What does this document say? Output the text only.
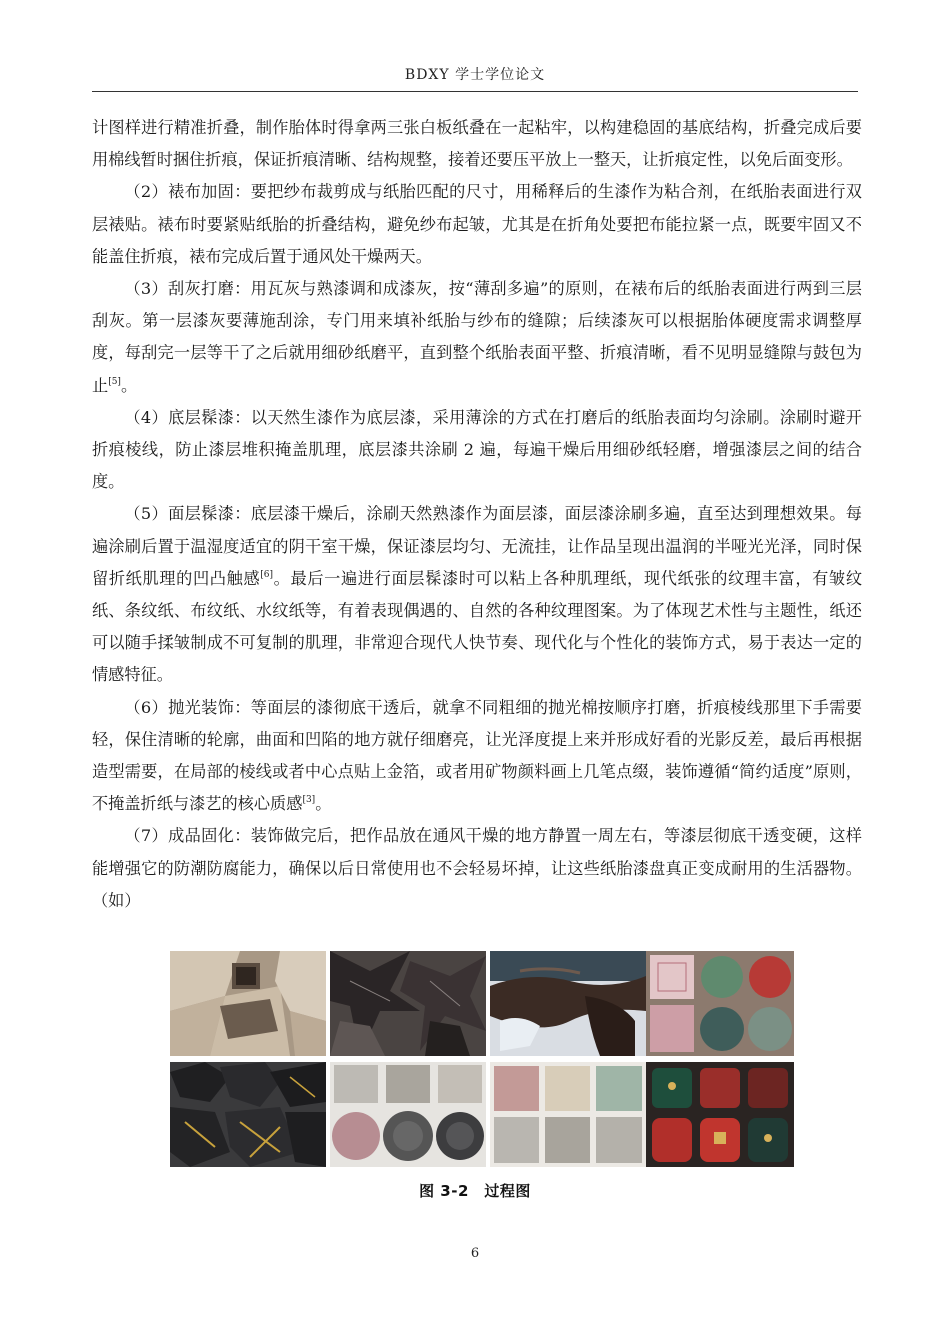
BDXY 学士学位论文

计图样进行精准折叠，制作胎体时得拿两三张白板纸叠在一起粘牢，以构建稳固的基底结构，折叠完成后要用棉线暂时捆住折痕，保证折痕清晰、结构规整，接着还要压平放上一整天，让折痕定性，以免后面变形。

（2）裱布加固：要把纱布裁剪成与纸胎匹配的尺寸，用稀释后的生漆作为粘合剂，在纸胎表面进行双层裱贴。裱布时要紧贴纸胎的折叠结构，避免纱布起皱，尤其是在折角处要把布能拉紧一点，既要牢固又不能盖住折痕，裱布完成后置于通风处干燥两天。

（3）刮灰打磨：用瓦灰与熟漆调和成漆灰，按“薄刮多遍”的原则，在裱布后的纸胎表面进行两到三层刮灰。第一层漆灰要薄施刮涂，专门用来填补纸胎与纱布的缝隙；后续漆灰可以根据胎体硬度需求调整厚度，每刮完一层等干了之后就用细砂纸磨平，直到整个纸胎表面平整、折痕清晰，看不见明显缝隙与鼓包为止[5]。

（4）底层髹漆：以天然生漆作为底层漆，采用薄涂的方式在打磨后的纸胎表面均匀涂刷。涂刷时避开折痕棱线，防止漆层堆积掩盖肌理，底层漆共涂刷 2 遍，每遍干燥后用细砂纸轻磨，增强漆层之间的结合度。

（5）面层髹漆：底层漆干燥后，涂刷天然熟漆作为面层漆，面层漆涂刷多遍，直至达到理想效果。每遍涂刷后置于温湿度适宜的阴干室干燥，保证漆层均匀、无流挂，让作品呈现出温润的半哑光光泽，同时保留折纸肌理的凹凸触感[6]。最后一遍进行面层髹漆时可以粘上各种肌理纸，现代纸张的纹理丰富，有皱纹纸、条纹纸、布纹纸、水纹纸等，有着表现偶遇的、自然的各种纹理图案。为了体现艺术性与主题性，纸还可以随手揉皱制成不可复制的肌理，非常迎合现代人快节奏、现代化与个性化的装饰方式，易于表达一定的情感特征。

（6）抛光装饰：等面层的漆彻底干透后，就拿不同粗细的抛光棉按顺序打磨，折痕棱线那里下手需要轻，保住清晰的轮廓，曲面和凹陷的地方就仔细磨亮，让光泽度提上来并形成好看的光影反差，最后再根据造型需要，在局部的棱线或者中心点贴上金箔，或者用矿物颜料画上几笔点缀，装饰遵循“简约适度”原则，不掩盖折纸与漆艺的核心质感[3]。

（7）成品固化：装饰做完后，把作品放在通风干燥的地方静置一周左右，等漆层彻底干透变硬，这样能增强它的防潮防腐能力，确保以后日常使用也不会轻易坏掉，让这些纸胎漆盘真正变成耐用的生活器物。（如）

图 3-2　过程图
6
